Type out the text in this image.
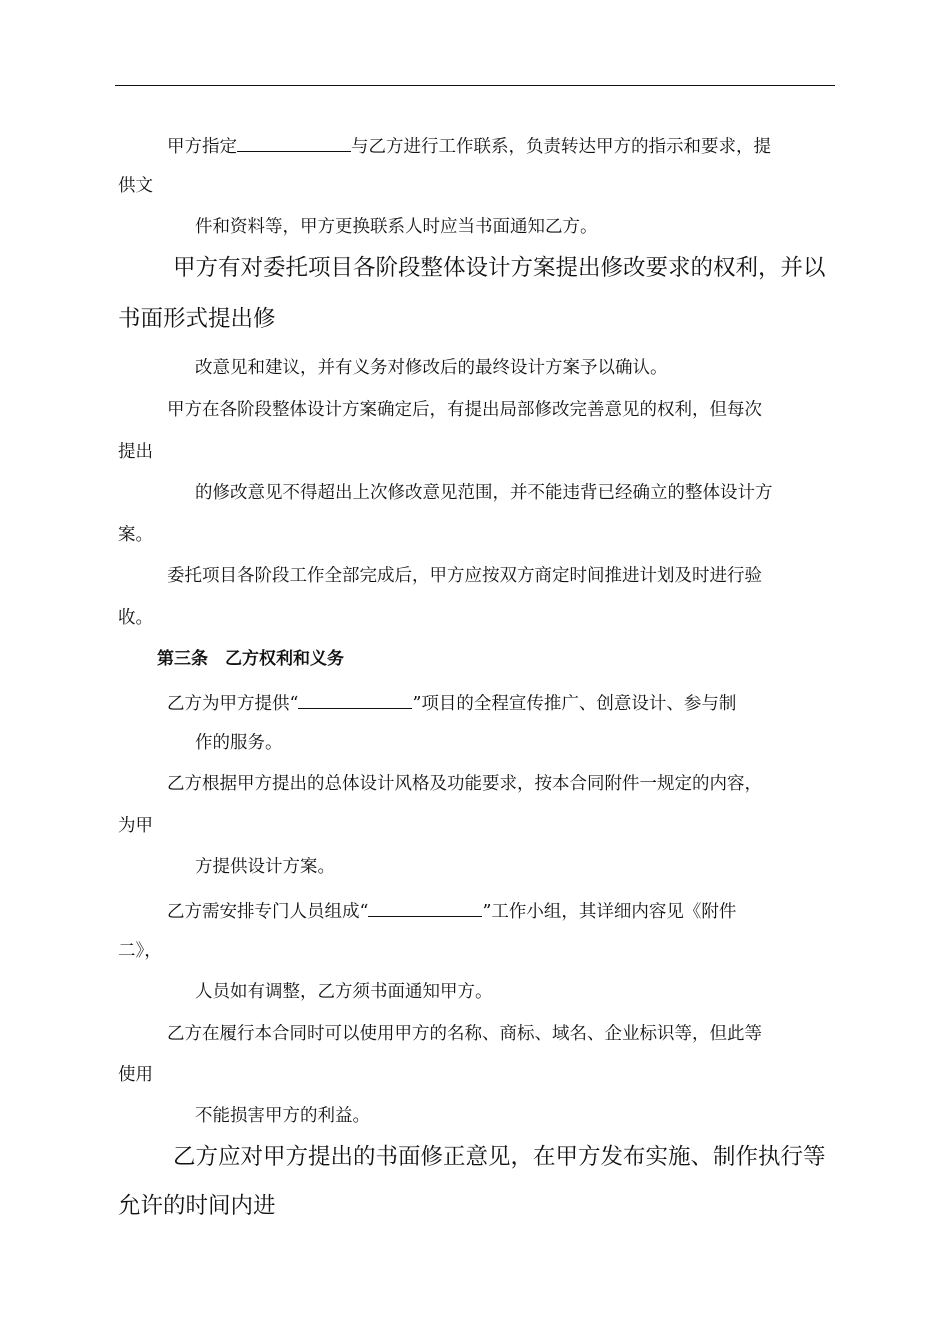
甲方指定	与乙方进行工作联系，负责转达甲方的指示和要求，提
供文
件和资料等，甲方更换联系人时应当书面通知乙方。
甲方有对委托项目各阶段整体设计方案提出修改要求的权利，并以
书面形式提出修
改意见和建议，并有义务对修改后的最终设计方案予以确认。
甲方在各阶段整体设计方案确定后，有提出局部修改完善意见的权利，但每次
提出
的修改意见不得超出上次修改意见范围，并不能违背已经确立的整体设计方
案。
委托项目各阶段工作全部完成后，甲方应按双方商定时间推进计划及时进行验
收。
第三条　乙方权利和义务
乙方为甲方提供“	”项目的全程宣传推广、创意设计、参与制
作的服务。
乙方根据甲方提出的总体设计风格及功能要求，按本合同附件一规定的内容，
为甲
方提供设计方案。
乙方需安排专门人员组成“	”工作小组，其详细内容见《附件
二》，
人员如有调整，乙方须书面通知甲方。
乙方在履行本合同时可以使用甲方的名称、商标、域名、企业标识等，但此等
使用
不能损害甲方的利益。
乙方应对甲方提出的书面修正意见，在甲方发布实施、制作执行等
允许的时间内进
